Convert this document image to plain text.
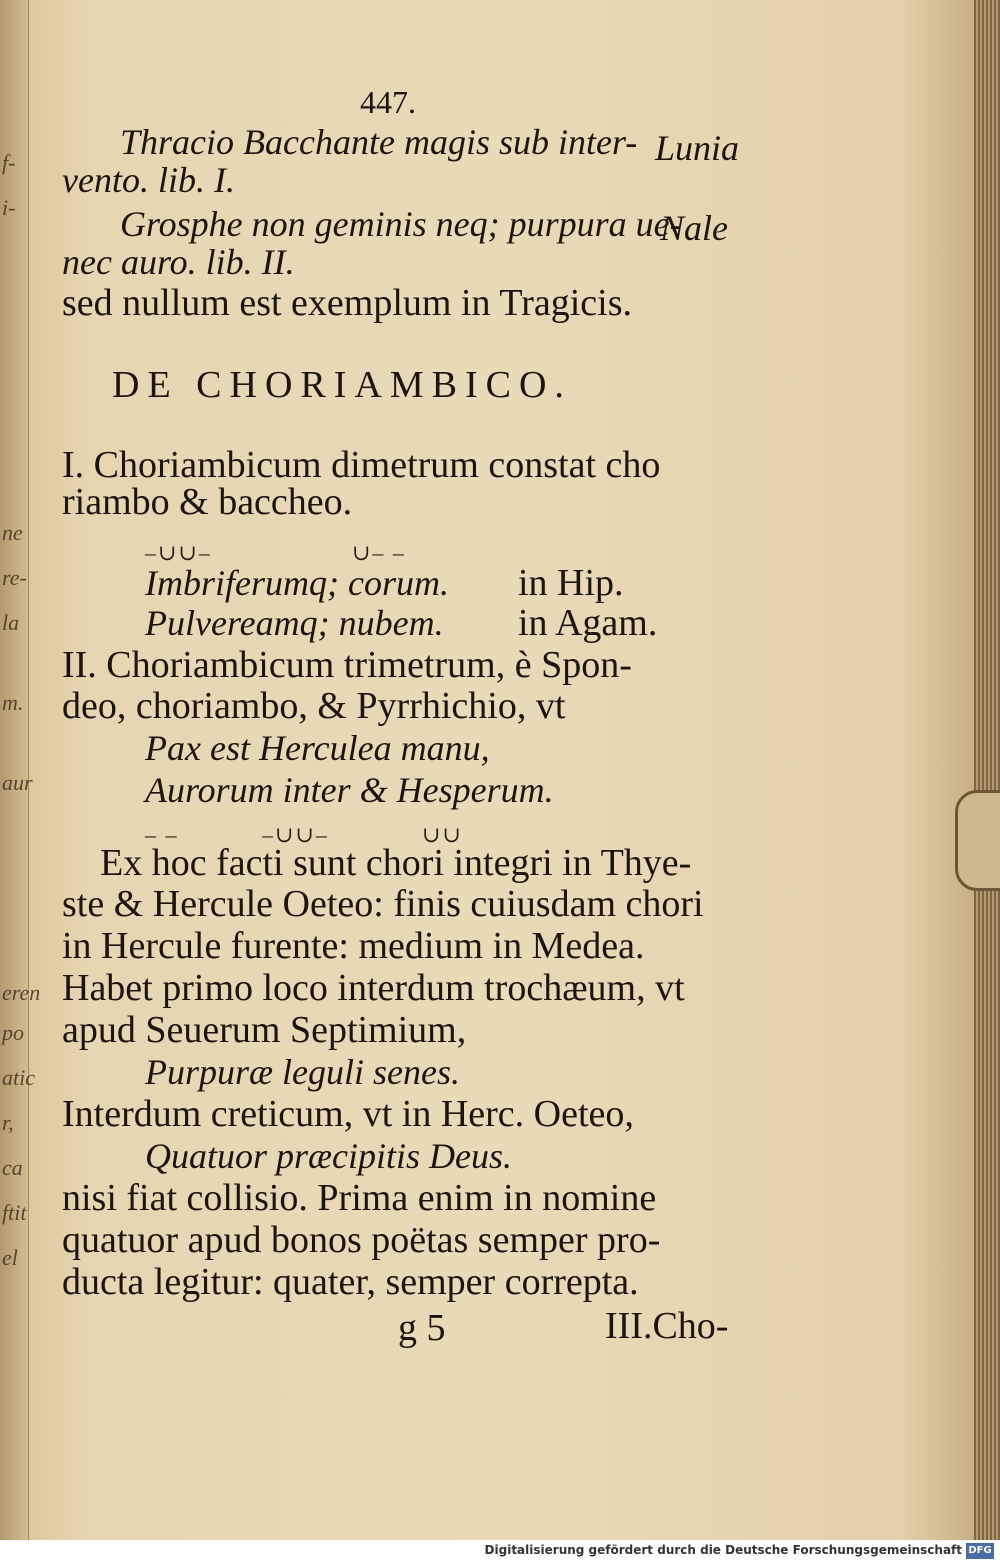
f-
i-
ne
re-
la
m.
aur
eren
po
atic
r,
ca
ftit
el
447.
Thracio Bacchante magis sub inter- Lunia
vento. lib. I.
Grosphe non geminis neq; purpura ue-
Nale
nec auro. lib. II.
sed nullum est exemplum in Tragicis.
DE CHORIAMBICO.
I. Choriambicum dimetrum constat cho
riambo & baccheo.
–∪∪–	∪– –
Imbriferumq; corum. in Hip.
Pulvereamq; nubem. in Agam.
II. Choriambicum trimetrum, è Spon-
deo, choriambo, & Pyrrhichio, vt
Pax est Herculea manu,
Aurorum inter & Hesperum.
– –	–∪∪–	∪∪
Ex hoc facti sunt chori integri in Thye-
ste & Hercule Oeteo: finis cuiusdam chori
in Hercule furente: medium in Medea.
Habet primo loco interdum trochæum, vt
apud Seuerum Septimium,
Purpuræ leguli senes.
Interdum creticum, vt in Herc. Oeteo,
Quatuor præcipitis Deus.
nisi fiat collisio. Prima enim in nomine
quatuor apud bonos poëtas semper pro-
ducta legitur: quater, semper correpta.
g 5	III.Cho-
Digitalisierung gefördert durch die Deutsche Forschungsgemeinschaft DFG
